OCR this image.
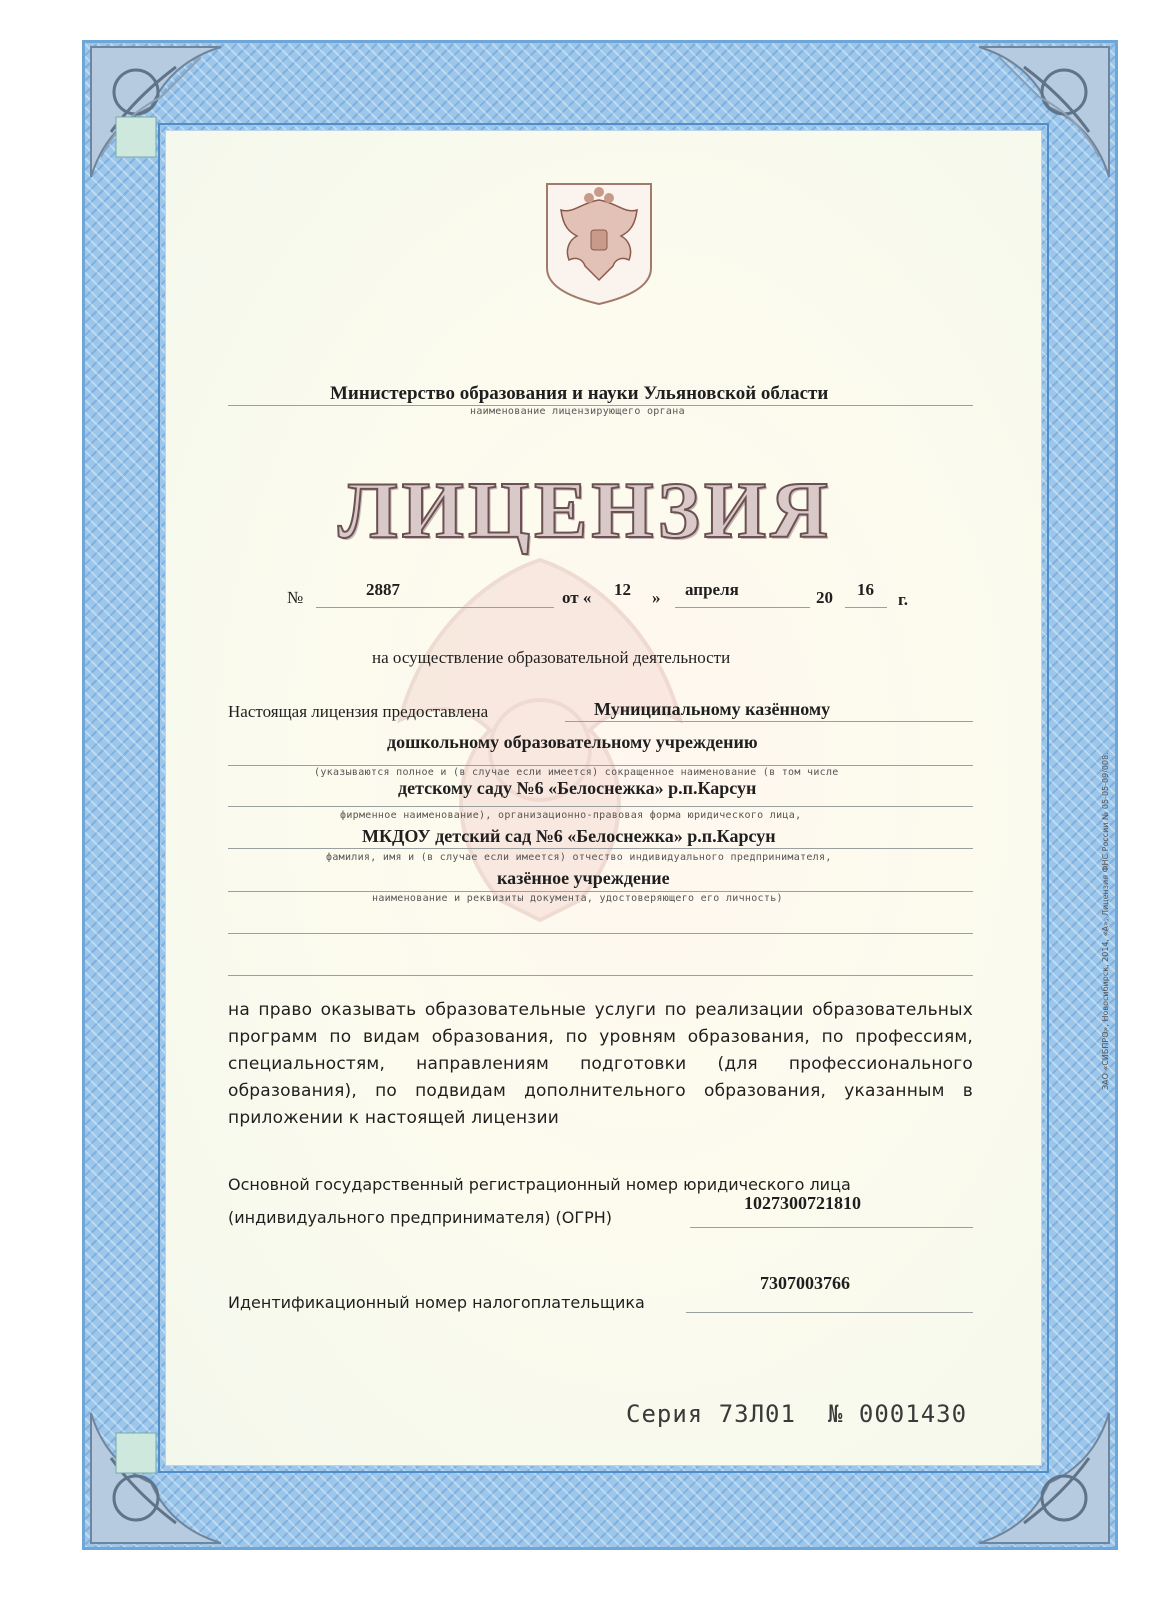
Министерство образования и науки Ульяновской области
наименование лицензирующего органа
ЛИЦЕНЗИЯ
№	2887	от « 12 » апреля	20 16
г.
на осуществление образовательной деятельности
Настоящая лицензия предоставлена	Муниципальному казённому
дошкольному образовательному учреждению
(указываются полное и (в случае если имеется) сокращенное наименование (в том числе
детскому саду №6 «Белоснежка» р.п.Карсун
фирменное наименование), организационно-правовая форма юридического лица,
МКДОУ детский сад №6 «Белоснежка» р.п.Карсун
фамилия, имя и (в случае если имеется) отчество индивидуального предпринимателя,
казённое учреждение
наименование и реквизиты документа, удостоверяющего его личность)
на право оказывать образовательные услуги по реализации образовательных программ по видам образования, по уровням образования, по профессиям, специальностям, направлениям подготовки (для профессионального образования), по подвидам дополнительного образования, указанным в приложении к настоящей лицензии
Основной государственный регистрационный номер юридического лица
(индивидуального предпринимателя) (ОГРН)
1027300721810
7307003766
Идентификационный номер налогоплательщика
Серия 73Л01 № 0001430
ЗАО «СИБПРО», Новосибирск, 2014, «А», Лицензия ФНС России № 05-05-09/008.
